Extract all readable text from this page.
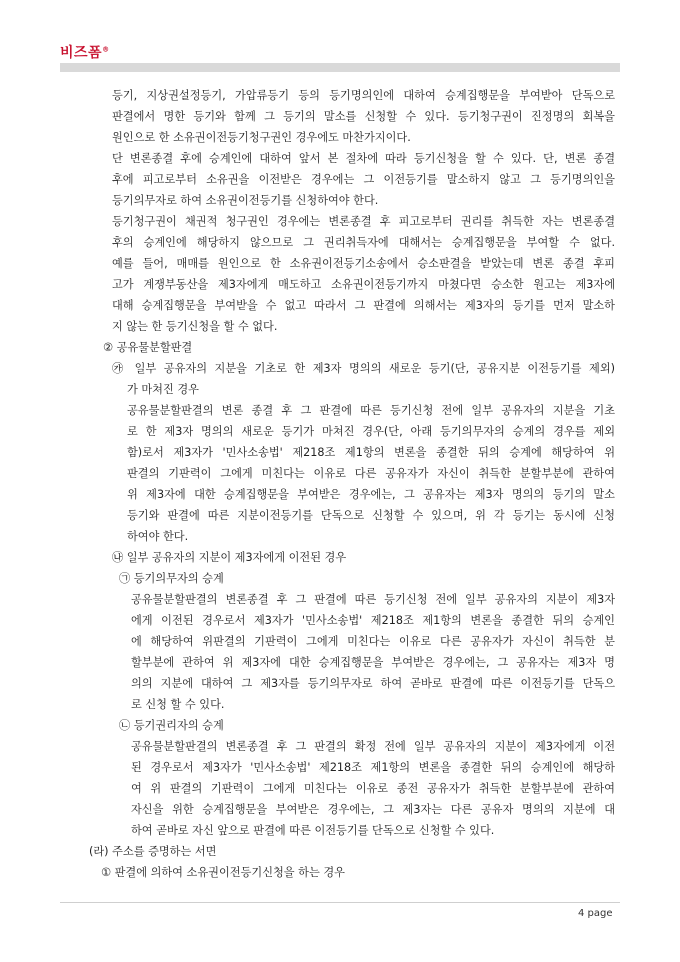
비즈폼®
등기, 지상권설정등기, 가압류등기 등의 등기명의인에 대하여 승계집행문을 부여받아 단독으로
판결에서 명한 등기와 함께 그 등기의 말소를 신청할 수 있다. 등기청구권이 진정명의 회복을
원인으로 한 소유권이전등기청구권인 경우에도 마찬가지이다.
단 변론종결 후에 승계인에 대하여 앞서 본 절차에 따라 등기신청을 할 수 있다. 단, 변론 종결
후에 피고로부터 소유권을 이전받은 경우에는 그 이전등기를 말소하지 않고 그 등기명의인을
등기의무자로 하여 소유권이전등기를 신청하여야 한다.
등기청구권이 채권적 청구권인 경우에는 변론종결 후 피고로부터 권리를 취득한 자는 변론종결
후의 승계인에 해당하지 않으므로 그 권리취득자에 대해서는 승계집행문을 부여할 수 없다.
예를 들어, 매매를 원인으로 한 소유권이전등기소송에서 승소판결을 받았는데 변론 종결 후피
고가 계쟁부동산을 제3자에게 매도하고 소유권이전등기까지 마쳤다면 승소한 원고는 제3자에
대해 승계집행문을 부여받을 수 없고 따라서 그 판결에 의해서는 제3자의 등기를 먼저 말소하
지 않는 한 등기신청을 할 수 없다.
② 공유물분할판결
㉮ 일부 공유자의 지분을 기초로 한 제3자 명의의 새로운 등기(단, 공유지분 이전등기를 제외)
가 마쳐진 경우
공유물분할판결의 변론 종결 후 그 판결에 따른 등기신청 전에 일부 공유자의 지분을 기초
로 한 제3자 명의의 새로운 등기가 마쳐진 경우(단, 아래 등기의무자의 승계의 경우를 제외
함)로서 제3자가 '민사소송법' 제218조 제1항의 변론을 종결한 뒤의 승계에 해당하여 위
판결의 기판력이 그에게 미친다는 이유로 다른 공유자가 자신이 취득한 분할부분에 관하여
위 제3자에 대한 승계집행문을 부여받은 경우에는, 그 공유자는 제3자 명의의 등기의 말소
등기와 판결에 따른 지분이전등기를 단독으로 신청할 수 있으며, 위 각 등기는 동시에 신청
하여야 한다.
㉯ 일부 공유자의 지분이 제3자에게 이전된 경우
㉠ 등기의무자의 승계
공유물분할판결의 변론종결 후 그 판결에 따른 등기신청 전에 일부 공유자의 지분이 제3자
에게 이전된 경우로서 제3자가 '민사소송법' 제218조 제1항의 변론을 종결한 뒤의 승계인
에 해당하여 위판결의 기판력이 그에게 미친다는 이유로 다른 공유자가 자신이 취득한 분
할부분에 관하여 위 제3자에 대한 승계집행문을 부여받은 경우에는, 그 공유자는 제3자 명
의의 지분에 대하여 그 제3자를 등기의무자로 하여 곧바로 판결에 따른 이전등기를 단독으
로 신청 할 수 있다.
㉡ 등기권리자의 승계
공유물분할판결의 변론종결 후 그 판결의 확정 전에 일부 공유자의 지분이 제3자에게 이전
된 경우로서 제3자가 '민사소송법' 제218조 제1항의 변론을 종결한 뒤의 승계인에 해당하
여 위 판결의 기판력이 그에게 미친다는 이유로 종전 공유자가 취득한 분할부분에 관하여
자신을 위한 승계집행문을 부여받은 경우에는, 그 제3자는 다른 공유자 명의의 지분에 대
하여 곧바로 자신 앞으로 판결에 따른 이전등기를 단독으로 신청할 수 있다.
(라) 주소를 증명하는 서면
① 판결에 의하여 소유권이전등기신청을 하는 경우
4 page
